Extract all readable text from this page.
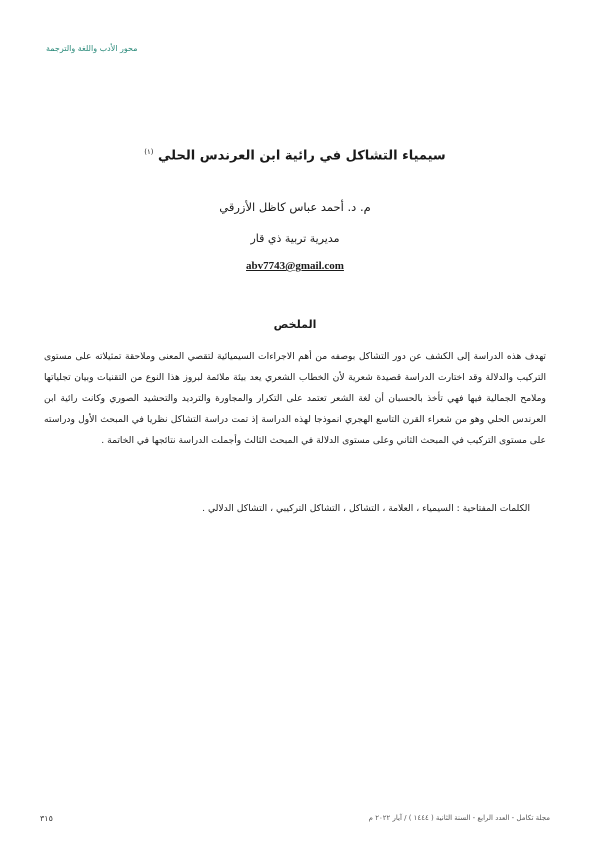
محور الأدب واللغة والترجمة
سيمياء التشاكل في رائية ابن العرندس الحلي $^{(١)}$
م. د. أحمد عباس كاظل الأزرقي
مديرية تربية ذي قار
abv7743@gmail.com
الملخص

تهدف هذه الدراسة إلى الكشف عن دور التشاكل بوصفه من أهم الاجراءات السيميائية لتقصي المعنى وملاحقة تمثيلاته على مستوى التركيب والدلالة وقد اختارت الدراسة قصيدة شعرية لأن الخطاب الشعري يعد بيئة ملائمة لبروز هذا النوع من التقنيات وبيان تجلياتها وملامح الجمالية فيها فهي تأخذ بالحسبان أن لغة الشعر تعتمد على التكرار والمجاورة والترديد والتحشيد الصوري وكانت رائية ابن العرندس الحلي وهو من شعراء القرن التاسع الهجري انموذجا لهذه الدراسة إذ تمت دراسة التشاكل نظريا في المبحث الأول ودراسته على مستوى التركيب في المبحث الثاني وعلى مستوى الدلالة في المبحث الثالث وأجملت الدراسة نتائجها في الخاتمة .

الكلمات المفتاحية : السيمياء ، العلامة ، التشاكل ، التشاكل التركيبي ، التشاكل الدلالي .

مجلة تكامل - العدد الرابع - السنة الثانية ( ١٤٤٤ ) / آيار ٢٠٢٢ م
٣١٥
